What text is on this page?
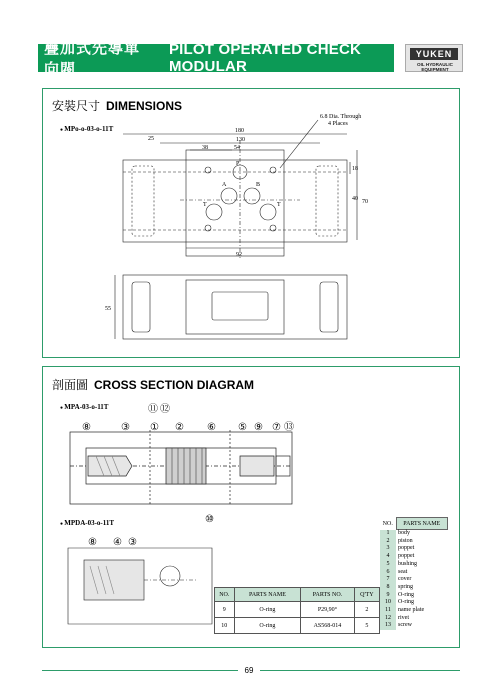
疊加式先導單向閥
PILOT OPERATED CHECK MODULAR
YUKEN
OIL HYDRAULIC EQUIPMENT
安裝尺寸 DIMENSIONS
● MPo-o-03-o-11T	180
25	130
38	54
92
18
40 70
55
6.8 Dia. Through
4 Places
P
A	B
T	T
剖面圖 CROSS SECTION DIAGRAM
● MPA-03-o-11T
● MPDA-03-o-11T
⑪ ⑫
⑧	③ ① ② ⑥ ⑤ ⑨ ⑦ ⑬
⑩
⑧ ④ ③
NO.	PARTS NAME	PARTS NO.	Q'TY
9	O-ring	P29,90°	2
10	O-ring	AS568-014	5
NO.	PARTS NAME
1	body
2	piston
3	poppet
4	poppet
5	bushing
6	seat
7	cover
8	spring
9	O-ring
10	O-ring
11	name plate
12	rivet
13	screw
69
